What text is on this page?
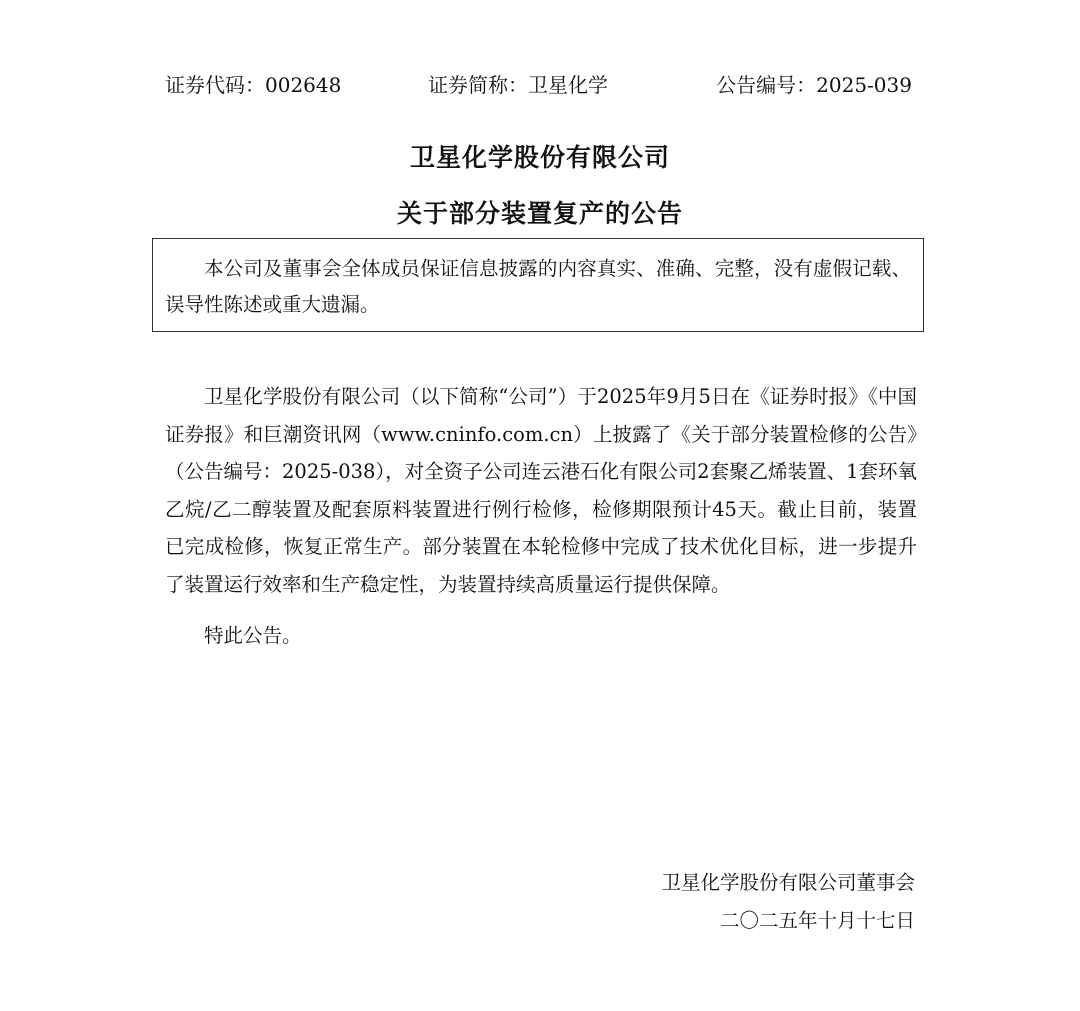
证券代码：002648	证券简称：卫星化学	公告编号：2025-039
卫星化学股份有限公司
关于部分装置复产的公告

本公司及董事会全体成员保证信息披露的内容真实、准确、完整，没有虚假记载、误导性陈述或重大遗漏。

卫星化学股份有限公司（以下简称“公司”）于2025年9月5日在《证券时报》《中国证券报》和巨潮资讯网（www.cninfo.com.cn）上披露了《关于部分装置检修的公告》（公告编号：2025-038），对全资子公司连云港石化有限公司2套聚乙烯装置、1套环氧乙烷/乙二醇装置及配套原料装置进行例行检修，检修期限预计45天。截止目前，装置已完成检修，恢复正常生产。部分装置在本轮检修中完成了技术优化目标，进一步提升了装置运行效率和生产稳定性，为装置持续高质量运行提供保障。

特此公告。

卫星化学股份有限公司董事会
二〇二五年十月十七日
